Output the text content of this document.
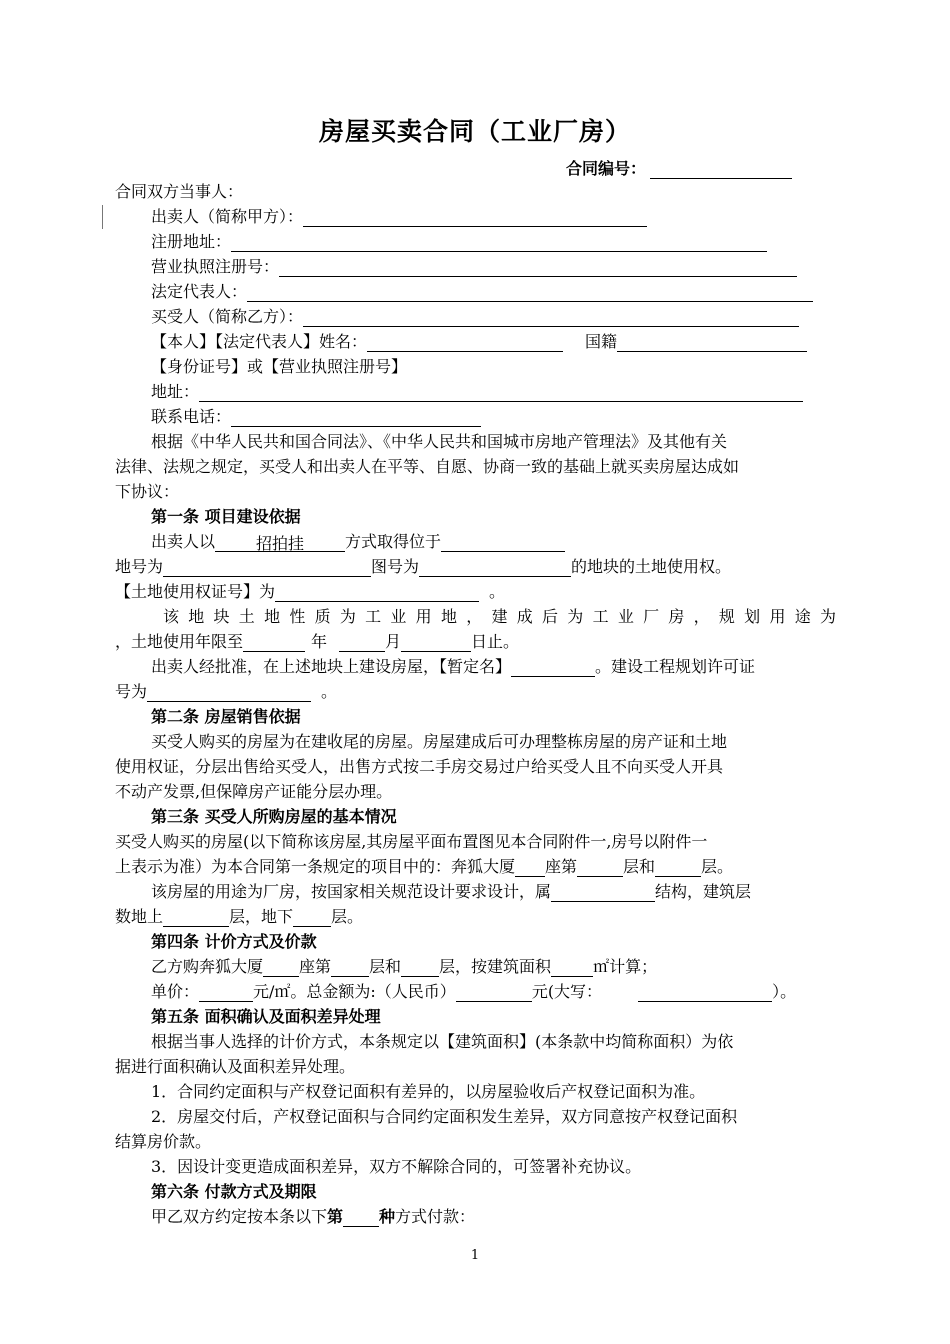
房屋买卖合同（工业厂房）
合同编号：
合同双方当事人：
出卖人（简称甲方）：
注册地址：
营业执照注册号：
法定代表人：
买受人（简称乙方）：
【本人】【法定代表人】姓名：	国籍
【身份证号】或【营业执照注册号】
地址：
联系电话：
根据《中华人民共和国合同法》、《中华人民共和国城市房地产管理法》及其他有关
法律、法规之规定，买受人和出卖人在平等、自愿、协商一致的基础上就买卖房屋达成如
下协议：
第一条 项目建设依据
出卖人以	招拍挂	方式取得位于
地号为	图号为	的地块的土地使用权。
【土地使用权证号】为	。
该地块土地性质为工业用地，建成后为工业厂房，规划用途为
，土地使用年限至	年	月	日止。
出卖人经批准，在上述地块上建设房屋，【暂定名】	。建设工程规划许可证
号为	。
第二条 房屋销售依据
买受人购买的房屋为在建收尾的房屋。房屋建成后可办理整栋房屋的房产证和土地
使用权证，分层出售给买受人，出售方式按二手房交易过户给买受人且不向买受人开具
不动产发票,但保障房产证能分层办理。
第三条 买受人所购房屋的基本情况
买受人购买的房屋(以下简称该房屋,其房屋平面布置图见本合同附件一,房号以附件一
上表示为准）为本合同第一条规定的项目中的：奔狐大厦 座第	层和	层。
该房屋的用途为厂房，按国家相关规范设计要求设计，属	结构，建筑层
数地上	层，地下 层。
第四条 计价方式及价款
乙方购奔狐大厦 座第 层和 层，按建筑面积	㎡计算；
单价：	元/㎡。总金额为:（人民币）	元(大写：	）。
第五条 面积确认及面积差异处理
根据当事人选择的计价方式，本条规定以【建筑面积】(本条款中均简称面积）为依
据进行面积确认及面积差异处理。
1．合同约定面积与产权登记面积有差异的，以房屋验收后产权登记面积为准。
2．房屋交付后，产权登记面积与合同约定面积发生差异，双方同意按产权登记面积
结算房价款。
3．因设计变更造成面积差异，双方不解除合同的，可签署补充协议。
第六条 付款方式及期限
甲乙双方约定按本条以下第 种方式付款：
1
